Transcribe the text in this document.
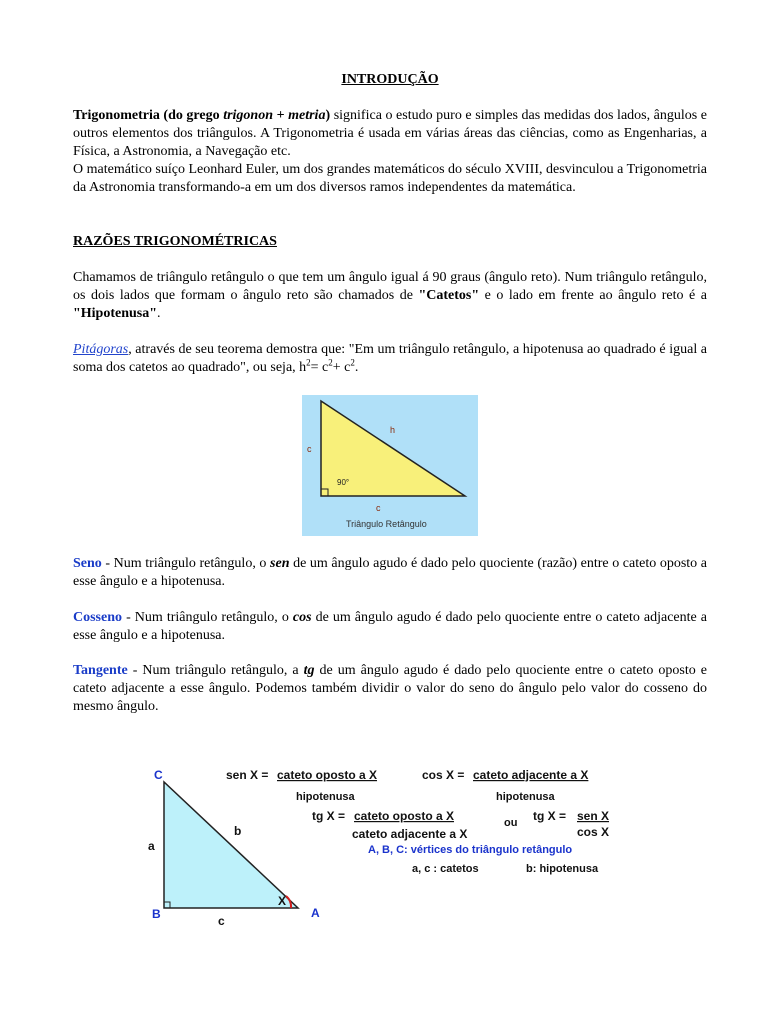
INTRODUÇÃO
Trigonometria (do grego trigonon + metria) significa o estudo puro e simples das medidas dos lados, ângulos e outros elementos dos triângulos. A Trigonometria é usada em várias áreas das ciências, como as Engenharias, a Física, a Astronomia, a Navegação etc.
O matemático suíço Leonhard Euler, um dos grandes matemáticos do século XVIII, desvinculou a Trigonometria da Astronomia transformando-a em um dos diversos ramos independentes da matemática.
RAZÕES TRIGONOMÉTRICAS
Chamamos de triângulo retângulo o que tem um ângulo igual á 90 graus (ângulo reto). Num triângulo retângulo, os dois lados que formam o ângulo reto são chamados de "Catetos" e o lado em frente ao ângulo reto é a "Hipotenusa".
Pitágoras, através de seu teorema demostra que: "Em um triângulo retângulo, a hipotenusa ao quadrado é igual a soma dos catetos ao quadrado", ou seja, $h^2= c^2+ c^2$.
Seno - Num triângulo retângulo, o sen de um ângulo agudo é dado pelo quociente (razão) entre o cateto oposto a esse ângulo e a hipotenusa.
Cosseno - Num triângulo retângulo, o cos de um ângulo agudo é dado pelo quociente entre o cateto adjacente a esse ângulo e a hipotenusa.
Tangente - Num triângulo retângulo, a tg de um ângulo agudo é dado pelo quociente entre o cateto oposto e cateto adjacente a esse ângulo. Podemos também dividir o valor do seno do ângulo pelo valor do cosseno do mesmo ângulo.
h
c
c
90°
Triângulo Retângulo
C
B	A
a
b
c
X
sen X = cateto oposto a X
hipotenusa
cos X = cateto adjacente a X
hipotenusa
tg X = cateto oposto a X
cateto adjacente a X
ou tg X = sen X
cos X
A, B, C: vértices do triângulo retângulo
a, c : catetos	b: hipotenusa
